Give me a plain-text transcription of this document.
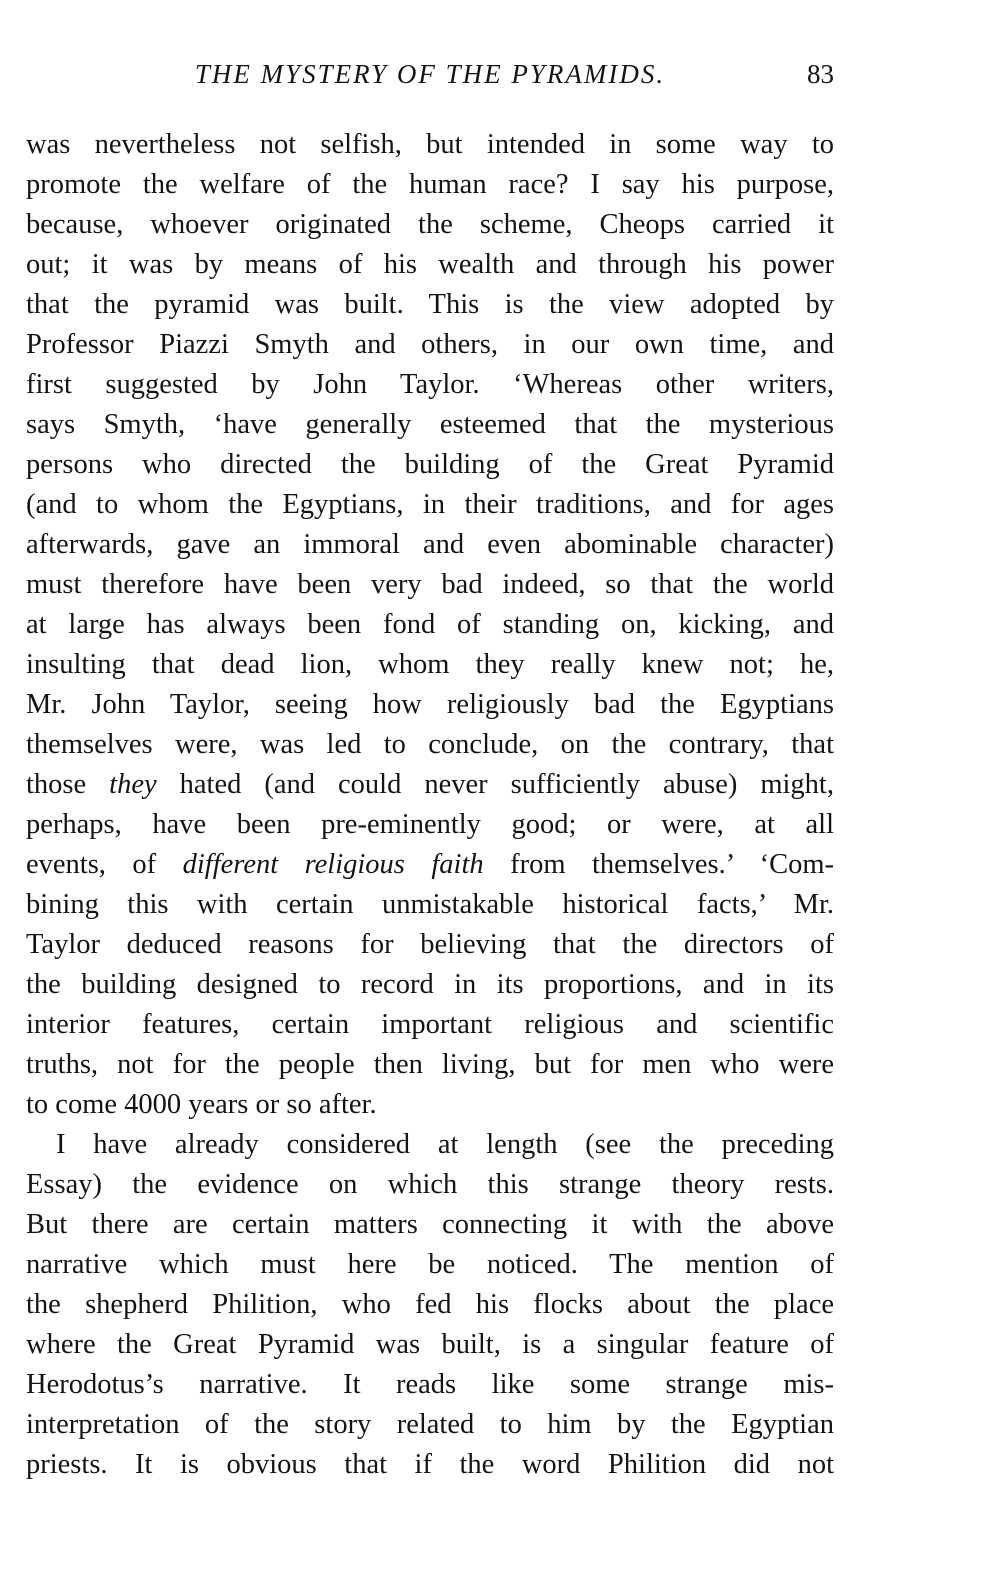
THE MYSTERY OF THE PYRAMIDS.	83
was nevertheless not selfish, but intended in some way to
promote the welfare of the human race? I say his purpose,
because, whoever originated the scheme, Cheops carried it
out; it was by means of his wealth and through his power
that the pyramid was built. This is the view adopted by
Professor Piazzi Smyth and others, in our own time, and
first suggested by John Taylor. ‘Whereas other writers,
says Smyth, ‘have generally esteemed that the mysterious
persons who directed the building of the Great Pyramid
(and to whom the Egyptians, in their traditions, and for ages
afterwards, gave an immoral and even abominable character)
must therefore have been very bad indeed, so that the world
at large has always been fond of standing on, kicking, and
insulting that dead lion, whom they really knew not; he,
Mr. John Taylor, seeing how religiously bad the Egyptians
themselves were, was led to conclude, on the contrary, that
those they hated (and could never sufficiently abuse) might,
perhaps, have been pre-eminently good; or were, at all
events, of different religious faith from themselves.’ ‘Com-
bining this with certain unmistakable historical facts,’ Mr.
Taylor deduced reasons for believing that the directors of
the building designed to record in its proportions, and in its
interior features, certain important religious and scientific
truths, not for the people then living, but for men who were
to come 4000 years or so after.
I have already considered at length (see the preceding
Essay) the evidence on which this strange theory rests.
But there are certain matters connecting it with the above
narrative which must here be noticed. The mention of
the shepherd Philition, who fed his flocks about the place
where the Great Pyramid was built, is a singular feature of
Herodotus’s narrative. It reads like some strange mis-
interpretation of the story related to him by the Egyptian
priests. It is obvious that if the word Philition did not
